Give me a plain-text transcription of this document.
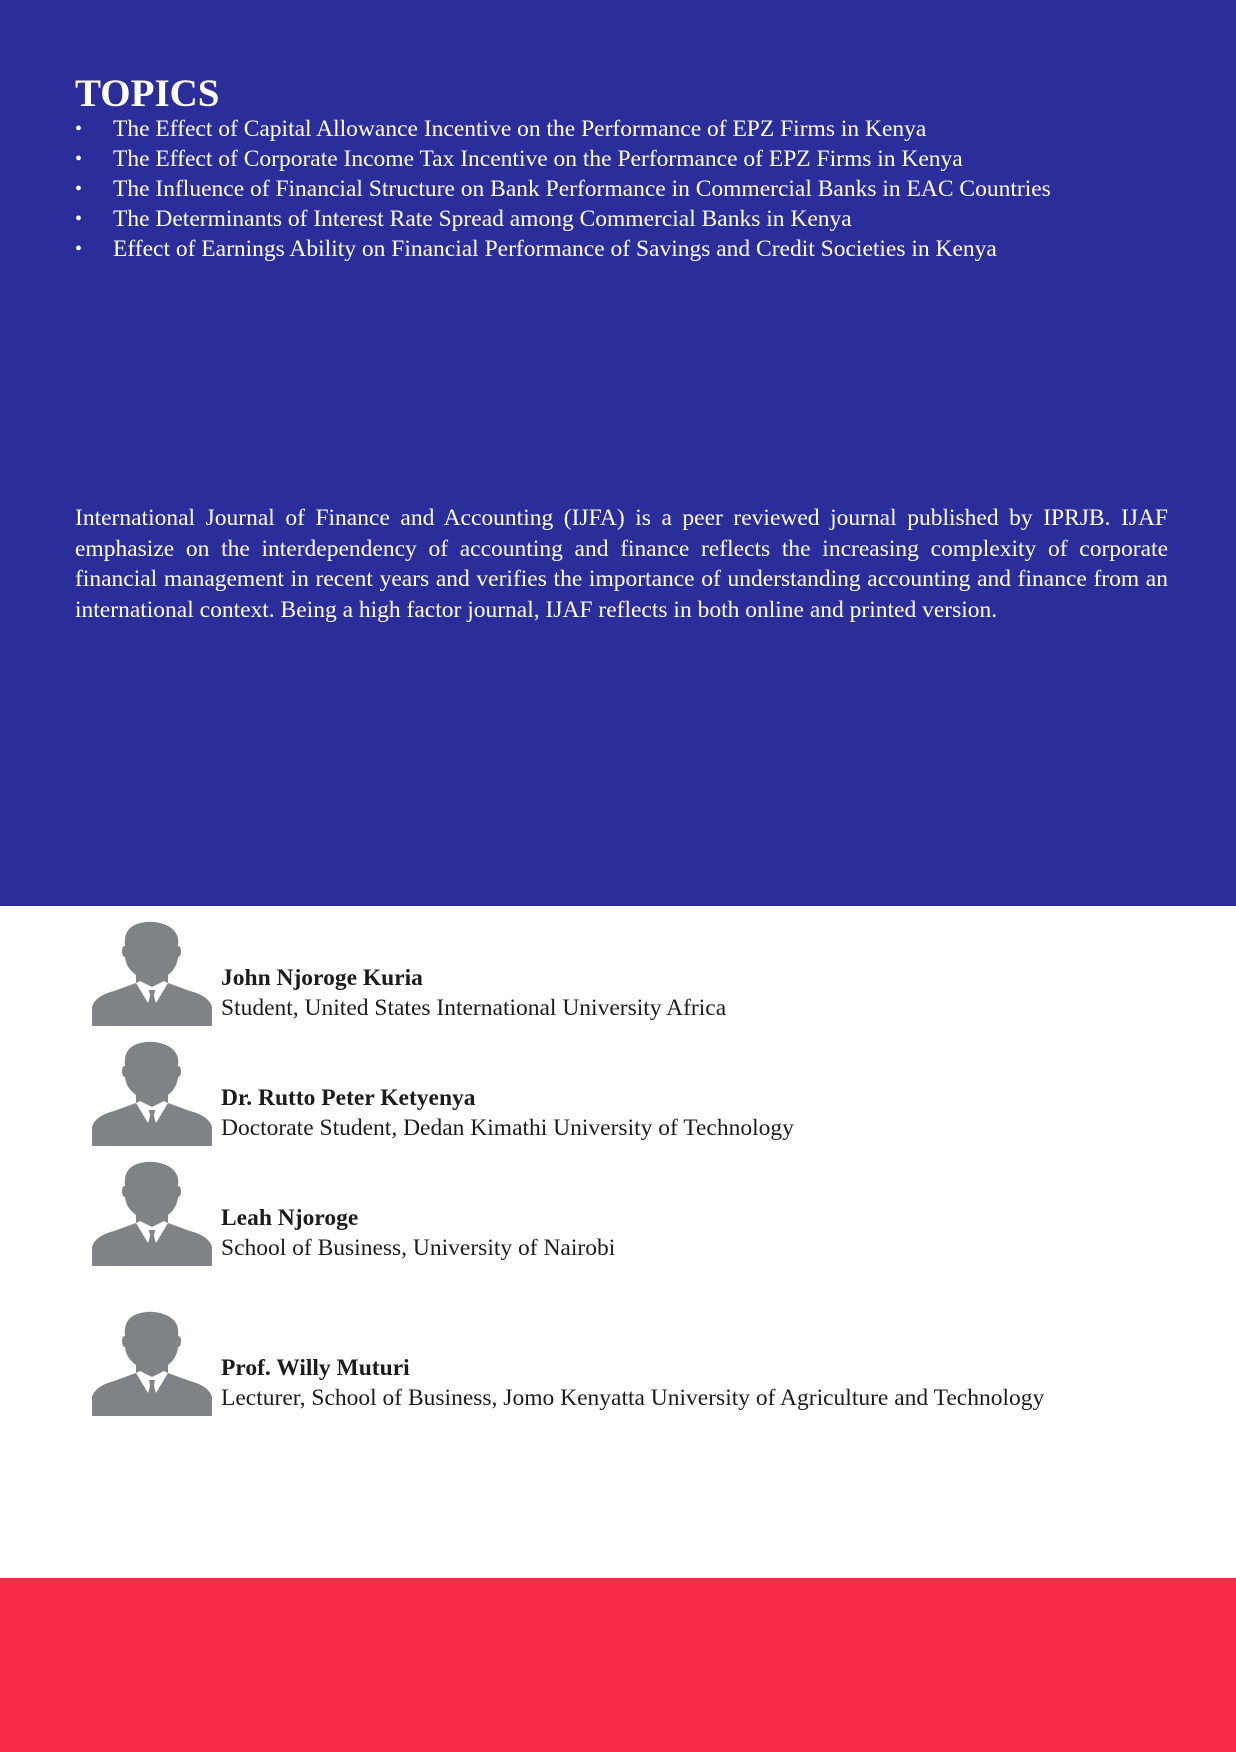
TOPICS
• The Effect of Capital Allowance Incentive on the Performance of EPZ Firms in Kenya
• The Effect of Corporate Income Tax Incentive on the Performance of EPZ Firms in Kenya
• The Influence of Financial Structure on Bank Performance in Commercial Banks in EAC Countries
• The Determinants of Interest Rate Spread among Commercial Banks in Kenya
• Effect of Earnings Ability on Financial Performance of Savings and Credit Societies in Kenya

International Journal of Finance and Accounting (IJFA) is a peer reviewed journal published by IPRJB. IJAF emphasize on the interdependency of accounting and finance reflects the increasing complexity of corporate financial management in recent years and verifies the importance of understanding accounting and finance from an international context. Being a high factor journal, IJAF reflects in both online and printed version.

John Njoroge Kuria
Student, United States International University Africa
Dr. Rutto Peter Ketyenya
Doctorate Student, Dedan Kimathi University of Technology
Leah Njoroge
School of Business, University of Nairobi
Prof. Willy Muturi
Lecturer, School of Business, Jomo Kenyatta University of Agriculture and Technology
